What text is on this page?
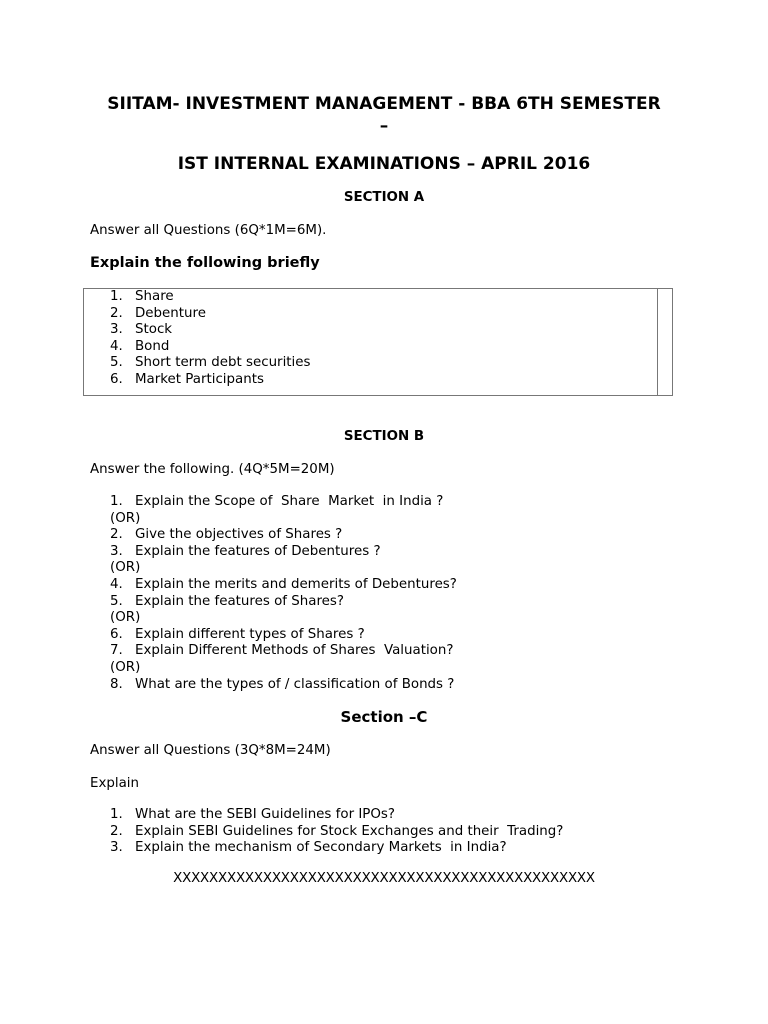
SIITAM- INVESTMENT MANAGEMENT - BBA 6TH SEMESTER
–

IST INTERNAL EXAMINATIONS – APRIL 2016

SECTION A

Answer all Questions (6Q*1M=6M).

Explain the following briefly

1. Share
2. Debenture
3. Stock
4. Bond
5. Short term debt securities
6. Market Participants

SECTION B

Answer the following. (4Q*5M=20M)

1. Explain the Scope of  Share  Market  in India ?
(OR)
2. Give the objectives of Shares ?
3. Explain the features of Debentures ?
(OR)
4. Explain the merits and demerits of Debentures?
5. Explain the features of Shares?
(OR)
6. Explain different types of Shares ?
7. Explain Different Methods of Shares  Valuation?
(OR)
8. What are the types of / classification of Bonds ?

Section –C

Answer all Questions (3Q*8M=24M)

Explain

1. What are the SEBI Guidelines for IPOs?
2. Explain SEBI Guidelines for Stock Exchanges and their  Trading?
3. Explain the mechanism of Secondary Markets  in India?

XXXXXXXXXXXXXXXXXXXXXXXXXXXXXXXXXXXXXXXXXXXXXXX
